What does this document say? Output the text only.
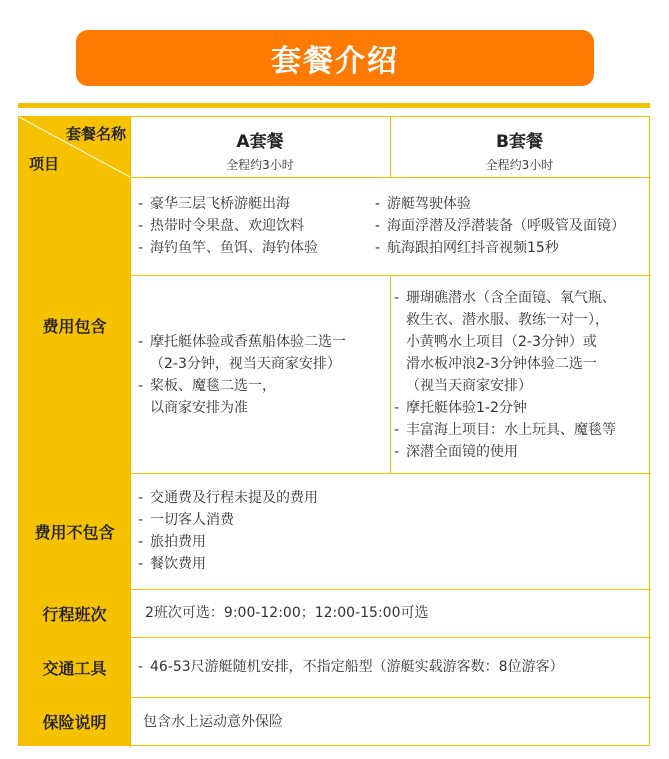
套餐介绍
套餐名称
项目
A套餐
全程约3小时
B套餐
全程约3小时
费用包含
- 豪华三层飞桥游艇出海
- 热带时令果盘、欢迎饮料
- 海钓鱼竿、鱼饵、海钓体验
- 游艇驾驶体验
- 海面浮潜及浮潜装备（呼吸管及面镜）
- 航海跟拍网红抖音视频15秒
- 摩托艇体验或香蕉船体验二选一
（2-3分钟，视当天商家安排）
- 桨板、魔毯二选一，
以商家安排为准
- 珊瑚礁潜水（含全面镜、氧气瓶、
救生衣、潜水服、教练一对一），
小黄鸭水上项目（2-3分钟）或
滑水板冲浪2-3分钟体验二选一
（视当天商家安排）
- 摩托艇体验1-2分钟
- 丰富海上项目：水上玩具、魔毯等
- 深潜全面镜的使用
费用不包含
- 交通费及行程未提及的费用
- 一切客人消费
- 旅拍费用
- 餐饮费用
行程班次	2班次可选：9:00-12:00；12:00-15:00可选
交通工具
-	46-53尺游艇随机安排，不指定船型（游艇实载游客数：8位游客）
保险说明	包含水上运动意外保险
